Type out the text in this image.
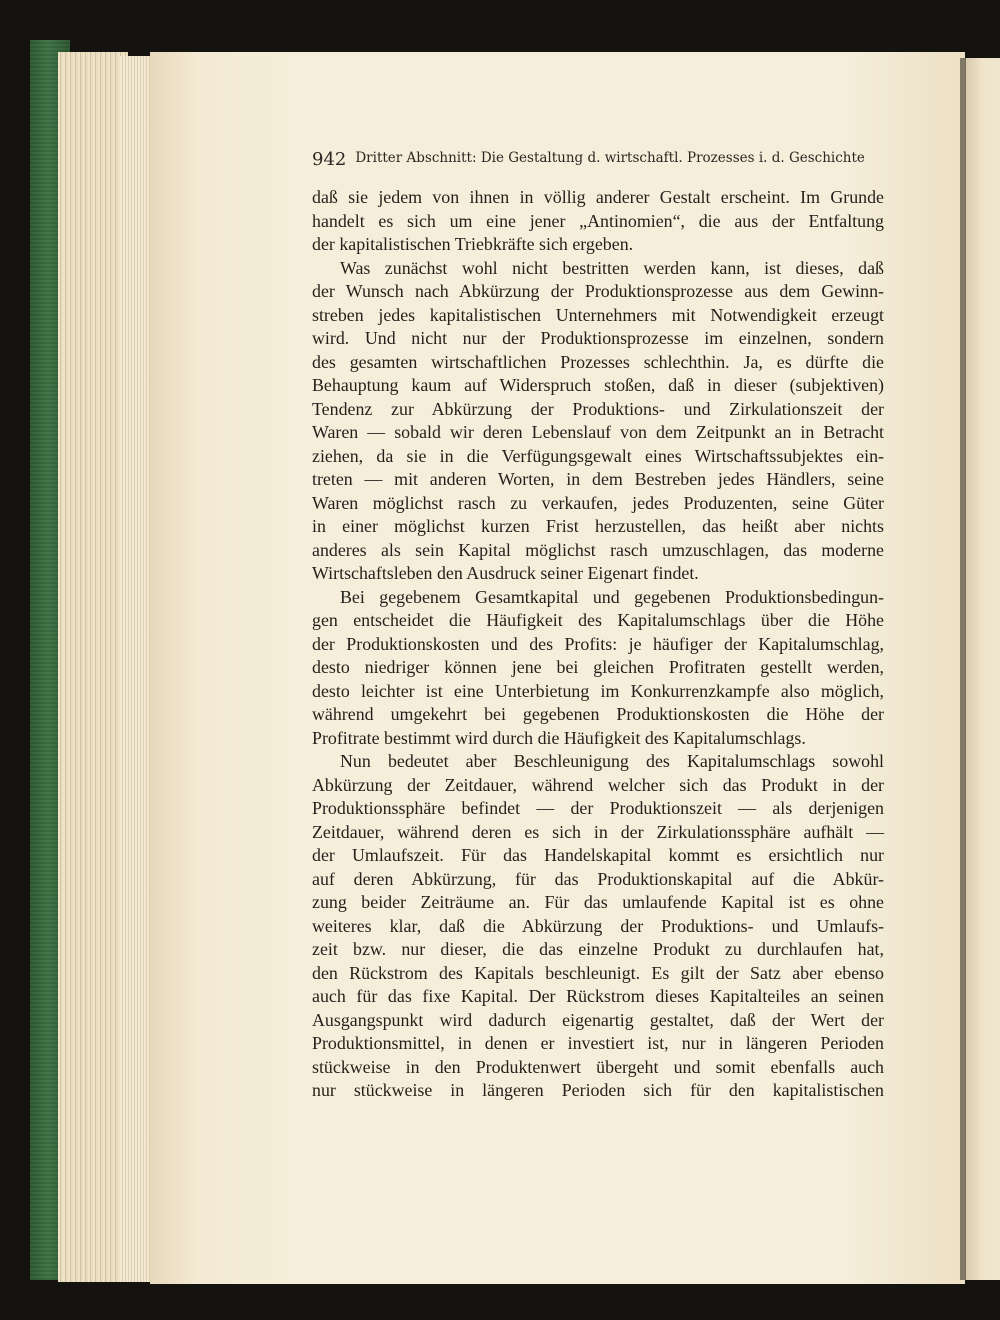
942 Dritter Abschnitt: Die Gestaltung d. wirtschaftl. Prozesses i. d. Geschichte
daß sie jedem von ihnen in völlig anderer Gestalt erscheint. Im Grunde
handelt es sich um eine jener „Antinomien“, die aus der Entfaltung
der kapitalistischen Triebkräfte sich ergeben.
Was zunächst wohl nicht bestritten werden kann, ist dieses, daß
der Wunsch nach Abkürzung der Produktionsprozesse aus dem Gewinn-
streben jedes kapitalistischen Unternehmers mit Notwendigkeit erzeugt
wird. Und nicht nur der Produktionsprozesse im einzelnen, sondern
des gesamten wirtschaftlichen Prozesses schlechthin. Ja, es dürfte die
Behauptung kaum auf Widerspruch stoßen, daß in dieser (subjektiven)
Tendenz zur Abkürzung der Produktions- und Zirkulationszeit der
Waren — sobald wir deren Lebenslauf von dem Zeitpunkt an in Betracht
ziehen, da sie in die Verfügungsgewalt eines Wirtschaftssubjektes ein-
treten — mit anderen Worten, in dem Bestreben jedes Händlers, seine
Waren möglichst rasch zu verkaufen, jedes Produzenten, seine Güter
in einer möglichst kurzen Frist herzustellen, das heißt aber nichts
anderes als sein Kapital möglichst rasch umzuschlagen, das moderne
Wirtschaftsleben den Ausdruck seiner Eigenart findet.
Bei gegebenem Gesamtkapital und gegebenen Produktionsbedingun-
gen entscheidet die Häufigkeit des Kapitalumschlags über die Höhe
der Produktionskosten und des Profits: je häufiger der Kapitalumschlag,
desto niedriger können jene bei gleichen Profitraten gestellt werden,
desto leichter ist eine Unterbietung im Konkurrenzkampfe also möglich,
während umgekehrt bei gegebenen Produktionskosten die Höhe der
Profitrate bestimmt wird durch die Häufigkeit des Kapitalumschlags.
Nun bedeutet aber Beschleunigung des Kapitalumschlags sowohl
Abkürzung der Zeitdauer, während welcher sich das Produkt in der
Produktionssphäre befindet — der Produktionszeit — als derjenigen
Zeitdauer, während deren es sich in der Zirkulationssphäre aufhält —
der Umlaufszeit. Für das Handelskapital kommt es ersichtlich nur
auf deren Abkürzung, für das Produktionskapital auf die Abkür-
zung beider Zeiträume an. Für das umlaufende Kapital ist es ohne
weiteres klar, daß die Abkürzung der Produktions- und Umlaufs-
zeit bzw. nur dieser, die das einzelne Produkt zu durchlaufen hat,
den Rückstrom des Kapitals beschleunigt. Es gilt der Satz aber ebenso
auch für das fixe Kapital. Der Rückstrom dieses Kapitalteiles an seinen
Ausgangspunkt wird dadurch eigenartig gestaltet, daß der Wert der
Produktionsmittel, in denen er investiert ist, nur in längeren Perioden
stückweise in den Produktenwert übergeht und somit ebenfalls auch
nur stückweise in längeren Perioden sich für den kapitalistischen
